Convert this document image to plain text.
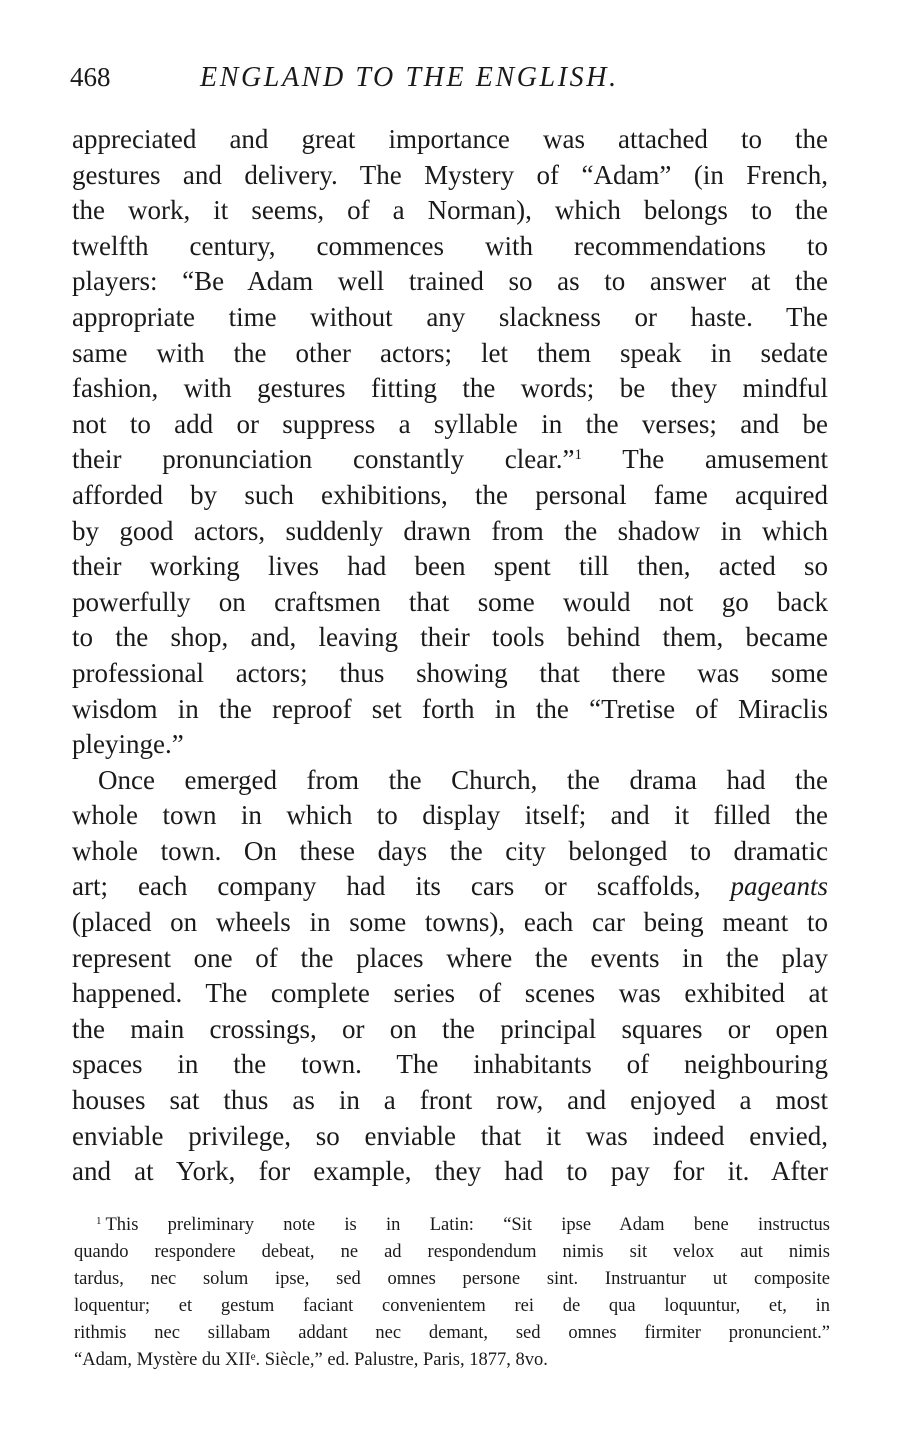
468	ENGLAND TO THE ENGLISH.
appreciated and great importance was attached to the
gestures and delivery. The Mystery of “Adam” (in French,
the work, it seems, of a Norman), which belongs to the
twelfth century, commences with recommendations to
players: “Be Adam well trained so as to answer at the
appropriate time without any slackness or haste. The
same with the other actors; let them speak in sedate
fashion, with gestures fitting the words; be they mindful
not to add or suppress a syllable in the verses; and be
their pronunciation constantly clear.”$^1$ The amusement
afforded by such exhibitions, the personal fame acquired
by good actors, suddenly drawn from the shadow in which
their working lives had been spent till then, acted so
powerfully on craftsmen that some would not go back
to the shop, and, leaving their tools behind them, became
professional actors; thus showing that there was some
wisdom in the reproof set forth in the “Tretise of Miraclis
pleyinge.”
Once emerged from the Church, the drama had the
whole town in which to display itself; and it filled the
whole town. On these days the city belonged to dramatic
art; each company had its cars or scaffolds, pageants
(placed on wheels in some towns), each car being meant to
represent one of the places where the events in the play
happened. The complete series of scenes was exhibited at
the main crossings, or on the principal squares or open
spaces in the town. The inhabitants of neighbouring
houses sat thus as in a front row, and enjoyed a most
enviable privilege, so enviable that it was indeed envied,
and at York, for example, they had to pay for it. After
$^1$ This preliminary note is in Latin: “Sit ipse Adam bene instructus
quando respondere debeat, ne ad respondendum nimis sit velox aut nimis
tardus, nec solum ipse, sed omnes persone sint. Instruantur ut composite
loquentur; et gestum faciant convenientem rei de qua loquuntur, et, in
rithmis nec sillabam addant nec demant, sed omnes firmiter pronuncient.”
“Adam, Mystère du XIIᵉ. Siècle,” ed. Palustre, Paris, 1877, 8vo.
